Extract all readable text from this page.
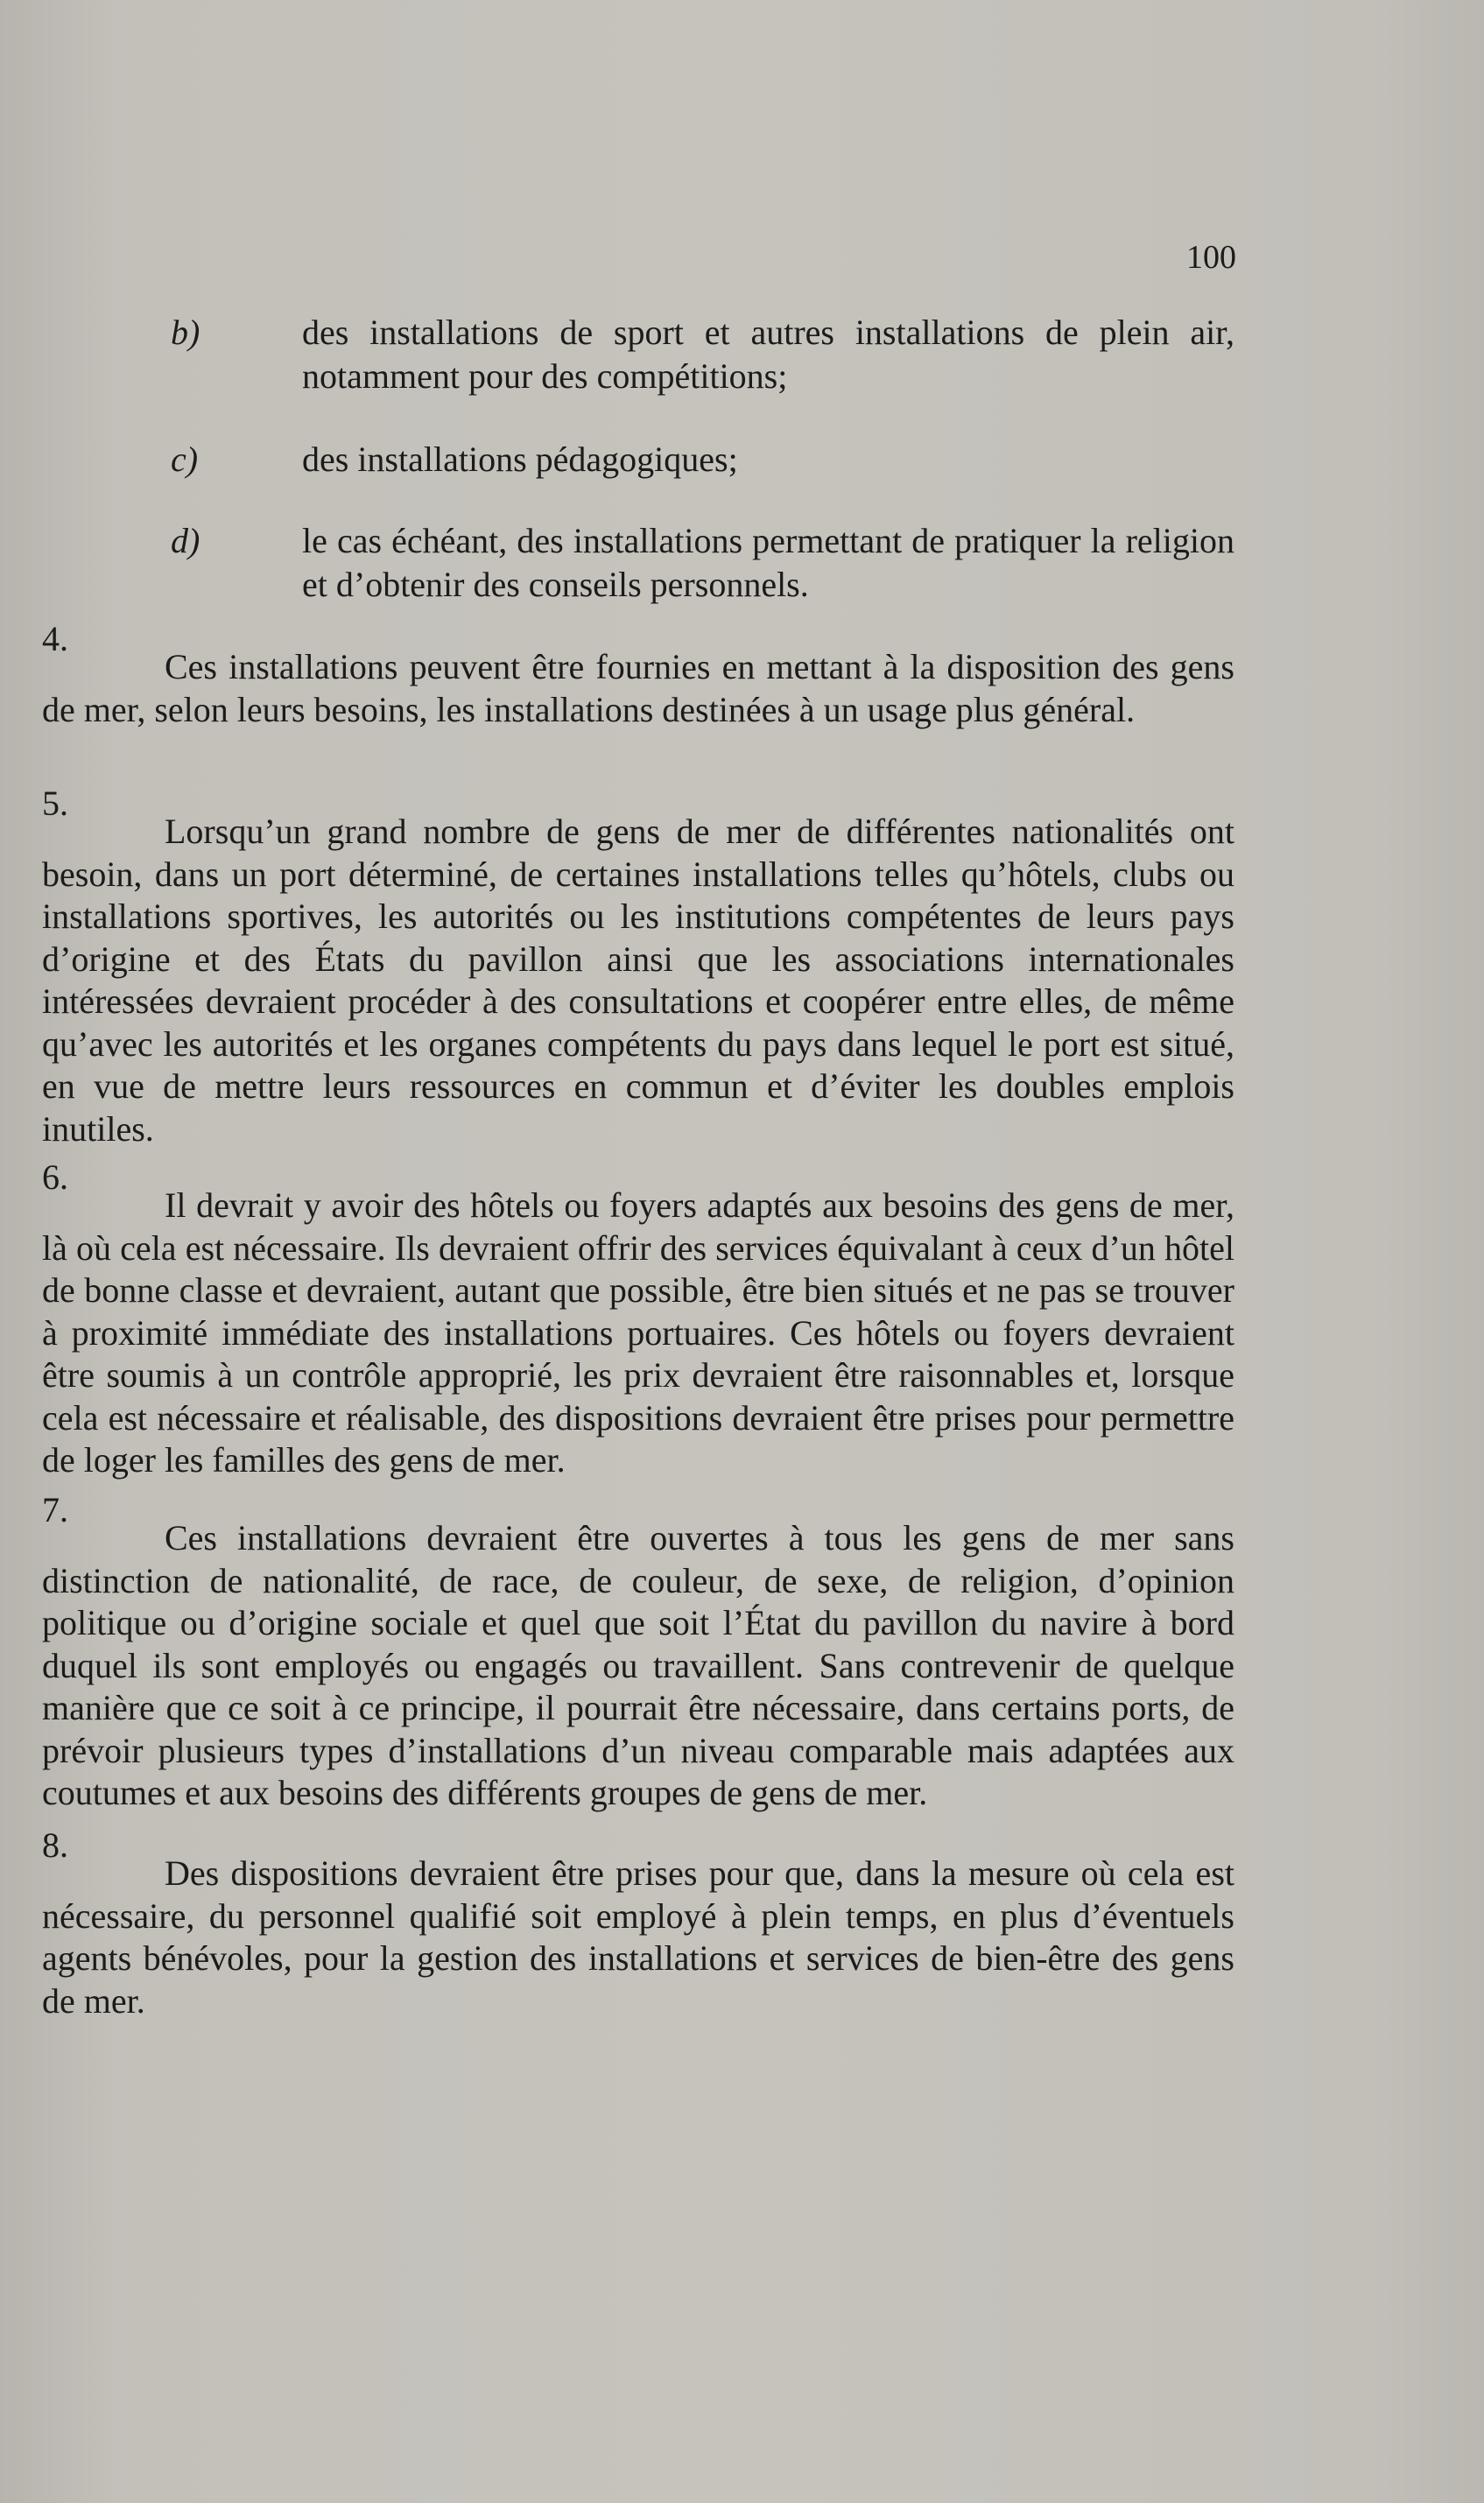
100
b)	des installations de sport et autres installations de plein air, notamment pour des compétitions;
c)	des installations pédagogiques;
d)	le cas échéant, des installations permettant de pratiquer la religion et d’obtenir des conseils personnels.
4.
Ces installations peuvent être fournies en mettant à la disposition des gens de mer, selon leurs besoins, les installations destinées à un usage plus général.
5.
Lorsqu’un grand nombre de gens de mer de différentes nationalités ont besoin, dans un port déterminé, de certaines installations telles qu’hôtels, clubs ou installations sportives, les autorités ou les institutions compétentes de leurs pays d’origine et des États du pavillon ainsi que les associations internationales intéressées devraient procéder à des consultations et coopérer entre elles, de même qu’avec les autorités et les organes compétents du pays dans lequel le port est situé, en vue de mettre leurs ressources en commun et d’éviter les doubles emplois inutiles.
6.
Il devrait y avoir des hôtels ou foyers adaptés aux besoins des gens de mer, là où cela est nécessaire. Ils devraient offrir des services équivalant à ceux d’un hôtel de bonne classe et devraient, autant que possible, être bien situés et ne pas se trouver à proximité immédiate des installations portuaires. Ces hôtels ou foyers devraient être soumis à un contrôle approprié, les prix devraient être raisonnables et, lorsque cela est nécessaire et réalisable, des dispositions devraient être prises pour permettre de loger les familles des gens de mer.
7.
Ces installations devraient être ouvertes à tous les gens de mer sans distinction de nationalité, de race, de couleur, de sexe, de religion, d’opinion politique ou d’origine sociale et quel que soit l’État du pavillon du navire à bord duquel ils sont employés ou engagés ou travaillent. Sans contrevenir de quelque manière que ce soit à ce principe, il pourrait être nécessaire, dans certains ports, de prévoir plusieurs types d’installations d’un niveau comparable mais adaptées aux coutumes et aux besoins des différents groupes de gens de mer.
8.
Des dispositions devraient être prises pour que, dans la mesure où cela est nécessaire, du personnel qualifié soit employé à plein temps, en plus d’éventuels agents bénévoles, pour la gestion des installations et services de bien-être des gens de mer.
